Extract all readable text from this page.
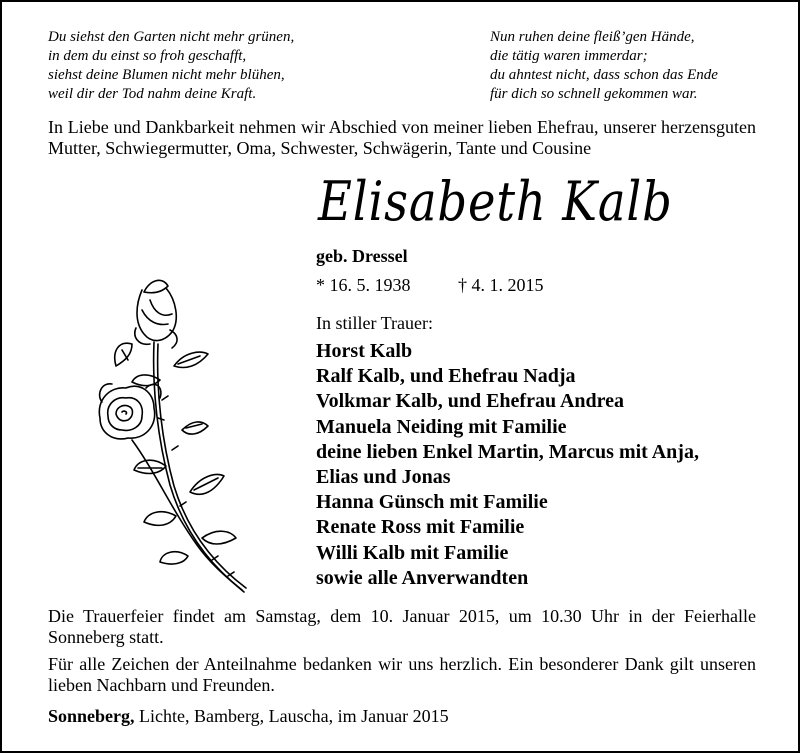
Du siehst den Garten nicht mehr grünen,
in dem du einst so froh geschafft,
siehst deine Blumen nicht mehr blühen,
weil dir der Tod nahm deine Kraft.
Nun ruhen deine fleiß’gen Hände,
die tätig waren immerdar;
du ahntest nicht, dass schon das Ende
für dich so schnell gekommen war.
In Liebe und Dankbarkeit nehmen wir Abschied von meiner lieben Ehefrau, unserer herzensguten Mutter, Schwiegermutter, Oma, Schwester, Schwägerin, Tante und Cousine
Elisabeth Kalb
geb. Dressel
* 16. 5. 1938	† 4. 1. 2015
In stiller Trauer:
Horst Kalb
Ralf Kalb, und Ehefrau Nadja
Volkmar Kalb, und Ehefrau Andrea
Manuela Neiding mit Familie
deine lieben Enkel Martin, Marcus mit Anja,
Elias und Jonas
Hanna Günsch mit Familie
Renate Ross mit Familie
Willi Kalb mit Familie
sowie alle Anverwandten
Die Trauerfeier findet am Samstag, dem 10. Januar 2015, um 10.30 Uhr in der Feierhalle Sonneberg statt.
Für alle Zeichen der Anteilnahme bedanken wir uns herzlich. Ein besonderer Dank gilt unseren lieben Nachbarn und Freunden.
Sonneberg, Lichte, Bamberg, Lauscha, im Januar 2015
